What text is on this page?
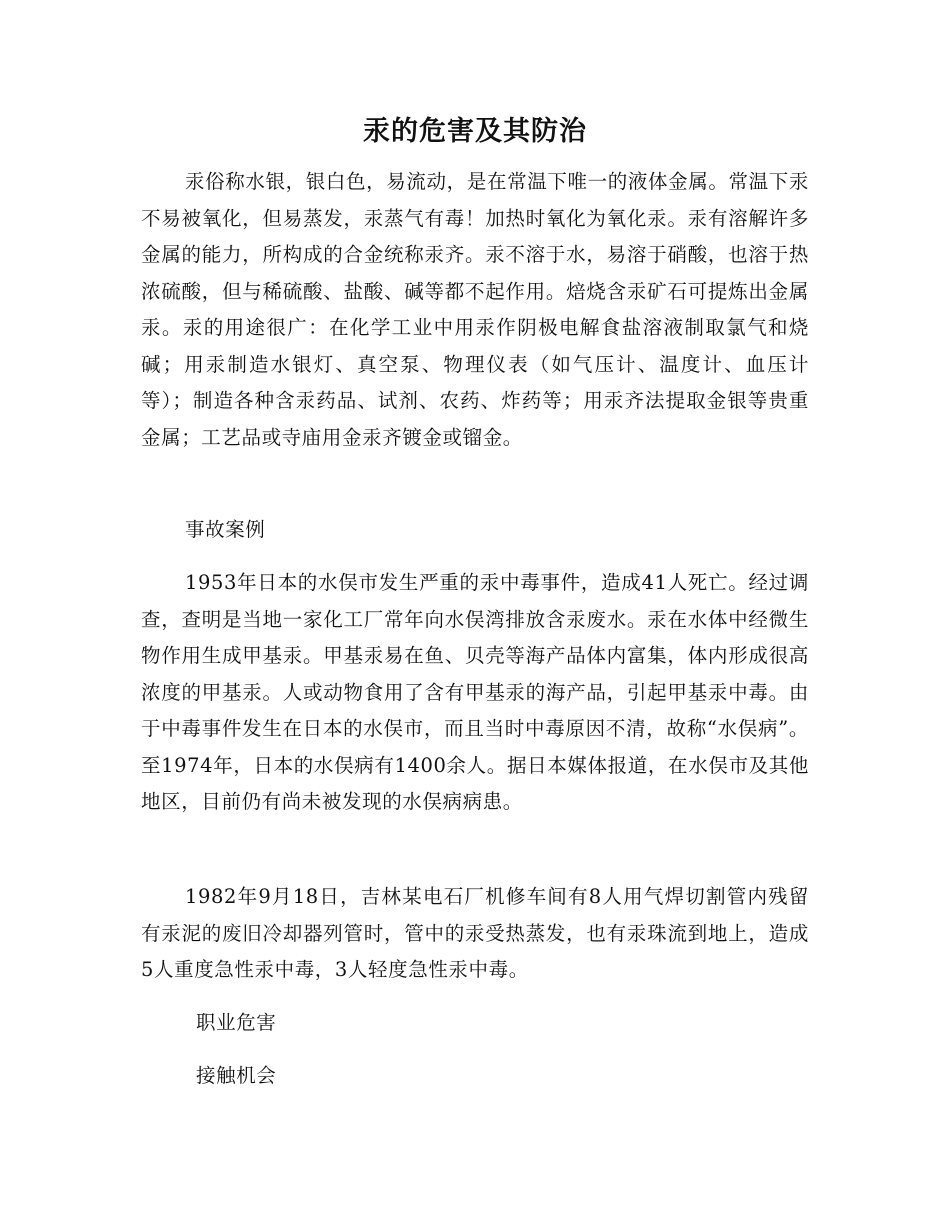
汞的危害及其防治

汞俗称水银，银白色，易流动，是在常温下唯一的液体金属。常温下汞不易被氧化，但易蒸发，汞蒸气有毒！加热时氧化为氧化汞。汞有溶解许多金属的能力，所构成的合金统称汞齐。汞不溶于水，易溶于硝酸，也溶于热浓硫酸，但与稀硫酸、盐酸、碱等都不起作用。焙烧含汞矿石可提炼出金属汞。汞的用途很广：在化学工业中用汞作阴极电解食盐溶液制取氯气和烧碱；用汞制造水银灯、真空泵、物理仪表（如气压计、温度计、血压计等）；制造各种含汞药品、试剂、农药、炸药等；用汞齐法提取金银等贵重金属；工艺品或寺庙用金汞齐镀金或镏金。

事故案例

1953年日本的水俣市发生严重的汞中毒事件，造成41人死亡。经过调查，查明是当地一家化工厂常年向水俣湾排放含汞废水。汞在水体中经微生物作用生成甲基汞。甲基汞易在鱼、贝壳等海产品体内富集，体内形成很高浓度的甲基汞。人或动物食用了含有甲基汞的海产品，引起甲基汞中毒。由于中毒事件发生在日本的水俣市，而且当时中毒原因不清，故称“水俣病”。至1974年，日本的水俣病有1400余人。据日本媒体报道，在水俣市及其他地区，目前仍有尚未被发现的水俣病病患。

1982年9月18日，吉林某电石厂机修车间有8人用气焊切割管内残留有汞泥的废旧冷却器列管时，管中的汞受热蒸发，也有汞珠流到地上，造成5人重度急性汞中毒，3人轻度急性汞中毒。

职业危害

接触机会
